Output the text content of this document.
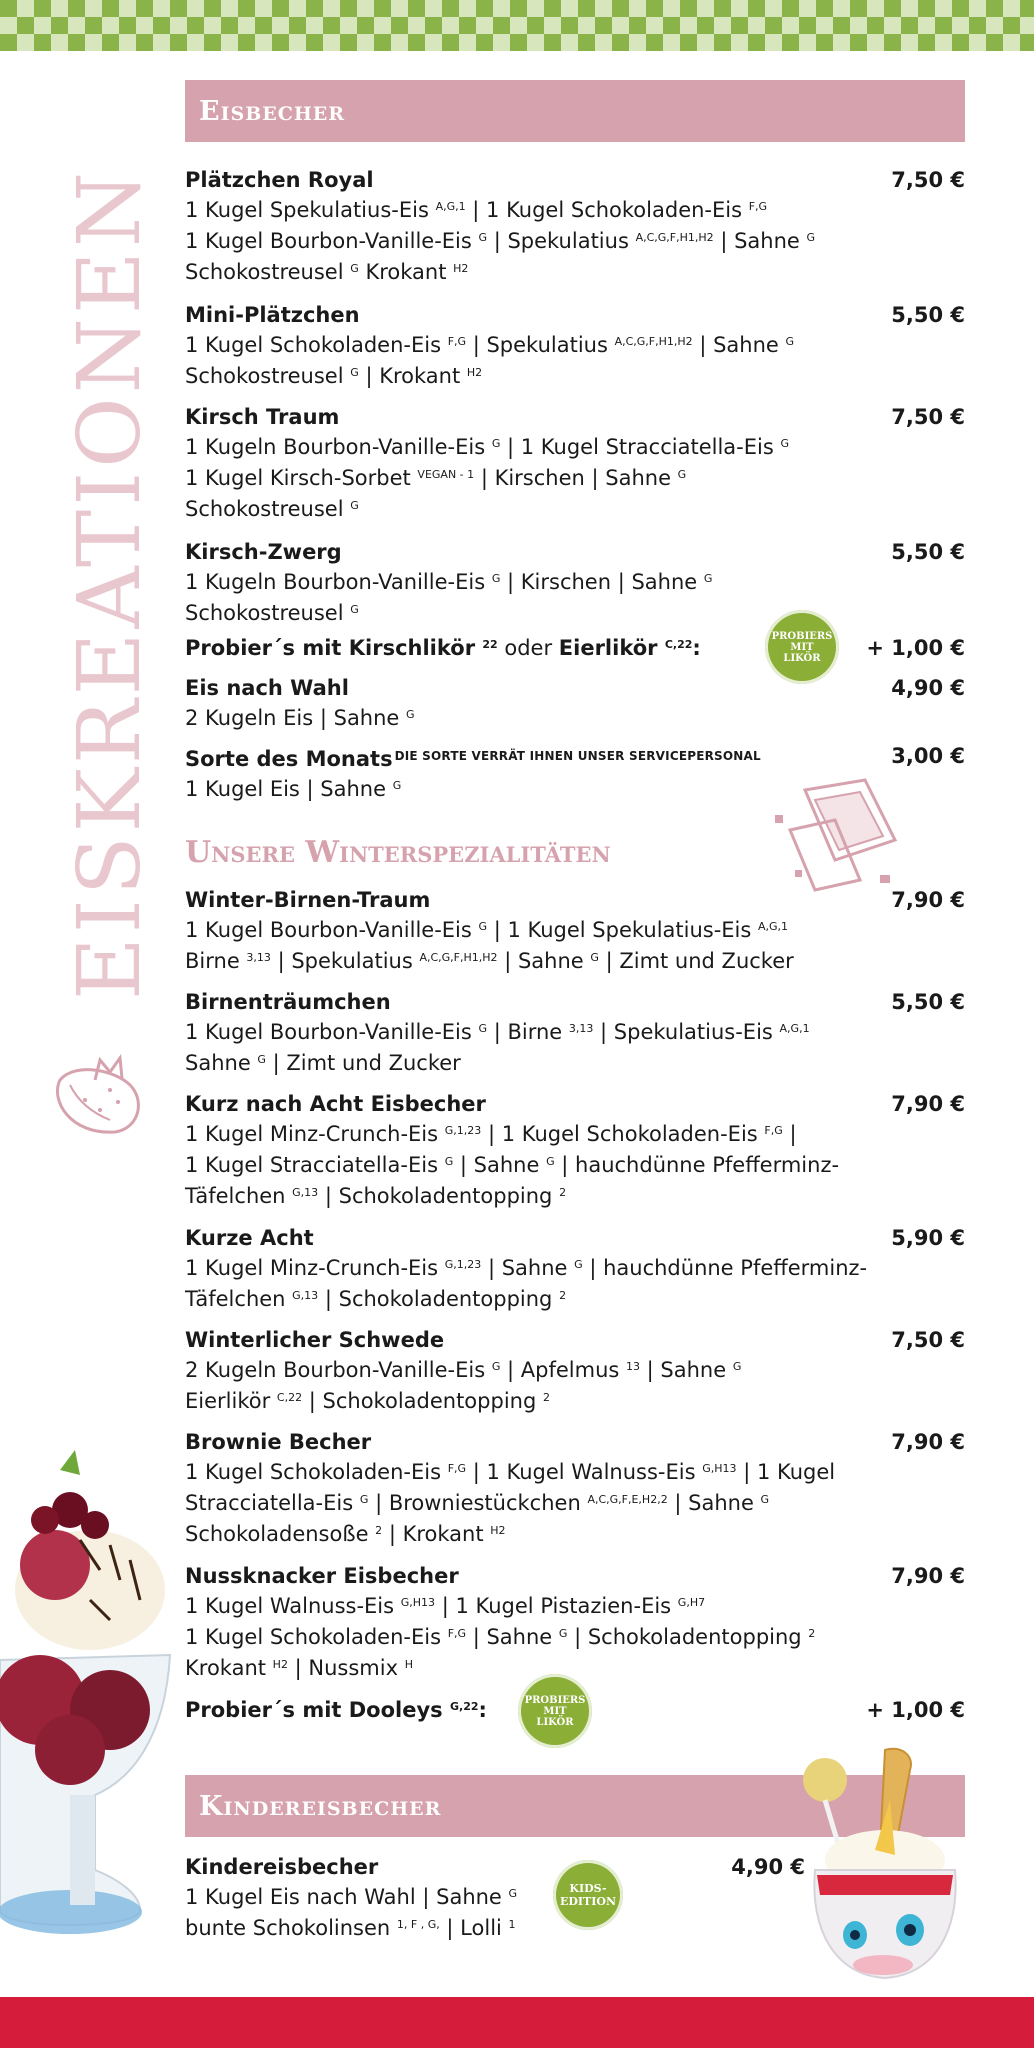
EISKREATIONEN
Eisbecher
Plätzchen Royal	7,50 €
1 Kugel Spekulatius-Eis $^{A,G,1}$ | 1 Kugel Schokoladen-Eis $^{F,G}$
1 Kugel Bourbon-Vanille-Eis $^G$ | Spekulatius $^{A,C,G,F,H1,H2}$ | Sahne $^G$
Schokostreusel $^G$ Krokant $^{H2}$
Mini-Plätzchen	5,50 €
1 Kugel Schokoladen-Eis $^{F,G}$ | Spekulatius $^{A,C,G,F,H1,H2}$ | Sahne $^G$
Schokostreusel $^G$ | Krokant $^{H2}$
Kirsch Traum	7,50 €
1 Kugeln Bourbon-Vanille-Eis $^G$ | 1 Kugel Stracciatella-Eis $^G$
1 Kugel Kirsch-Sorbet $^{VEGAN - 1}$ | Kirschen | Sahne $^G$
Schokostreusel $^G$
Kirsch-Zwerg	5,50 €
1 Kugeln Bourbon-Vanille-Eis $^G$ | Kirschen | Sahne $^G$
Schokostreusel $^G$
Probier´s mit Kirschlikör $^{22}$ oder Eierlikör $^{C,22}$:	+ 1,00 €
PROBIERS
MIT
LIKÖR
Eis nach Wahl	4,90 €
2 Kugeln Eis | Sahne $^G$
Sorte des Monats $^{DIE SORTE VERRÄT IHNEN UNSER SERVICEPERSONAL}$	3,00 €
1 Kugel Eis | Sahne $^G$
Unsere Winterspezialitäten
Winter-Birnen-Traum	7,90 €
1 Kugel Bourbon-Vanille-Eis $^G$ | 1 Kugel Spekulatius-Eis $^{A,G,1}$
Birne $^{3,13}$ | Spekulatius $^{A,C,G,F,H1,H2}$ | Sahne $^G$ | Zimt und Zucker
Birnenträumchen	5,50 €
1 Kugel Bourbon-Vanille-Eis $^G$ | Birne $^{3,13}$ | Spekulatius-Eis $^{A,G,1}$
Sahne $^G$ | Zimt und Zucker
Kurz nach Acht Eisbecher	7,90 €
1 Kugel Minz-Crunch-Eis $^{G,1,23}$ | 1 Kugel Schokoladen-Eis $^{F,G}$ |
1 Kugel Stracciatella-Eis $^G$ | Sahne $^G$ | hauchdünne Pfefferminz-
Täfelchen $^{G,13}$ | Schokoladentopping $^2$
Kurze Acht	5,90 €
1 Kugel Minz-Crunch-Eis $^{G,1,23}$ | Sahne $^G$ | hauchdünne Pfefferminz-
Täfelchen $^{G,13}$ | Schokoladentopping $^2$
Winterlicher Schwede	7,50 €
2 Kugeln Bourbon-Vanille-Eis $^G$ | Apfelmus $^{13}$ | Sahne $^G$
Eierlikör $^{C,22}$ | Schokoladentopping $^2$
Brownie Becher	7,90 €
1 Kugel Schokoladen-Eis $^{F,G}$ | 1 Kugel Walnuss-Eis $^{G,H13}$ | 1 Kugel
Stracciatella-Eis $^G$ | Browniestückchen $^{A,C,G,F,E,H2,2}$ | Sahne $^G$
Schokoladensoße $^2$ | Krokant $^{H2}$
Nussknacker Eisbecher	7,90 €
1 Kugel Walnuss-Eis $^{G,H13}$ | 1 Kugel Pistazien-Eis $^{G,H7}$
1 Kugel Schokoladen-Eis $^{F,G}$ | Sahne $^G$ | Schokoladentopping $^2$
Krokant $^{H2}$ | Nussmix $^H$
Probier´s mit Dooleys $^{G,22}$:	+ 1,00 €
PROBIERS
MIT
LIKÖR
Kindereisbecher
Kindereisbecher	4,90 €
1 Kugel Eis nach Wahl | Sahne $^G$
bunte Schokolinsen $^{1, F , G,}$ | Lolli $^1$
KIDS-
EDITION
